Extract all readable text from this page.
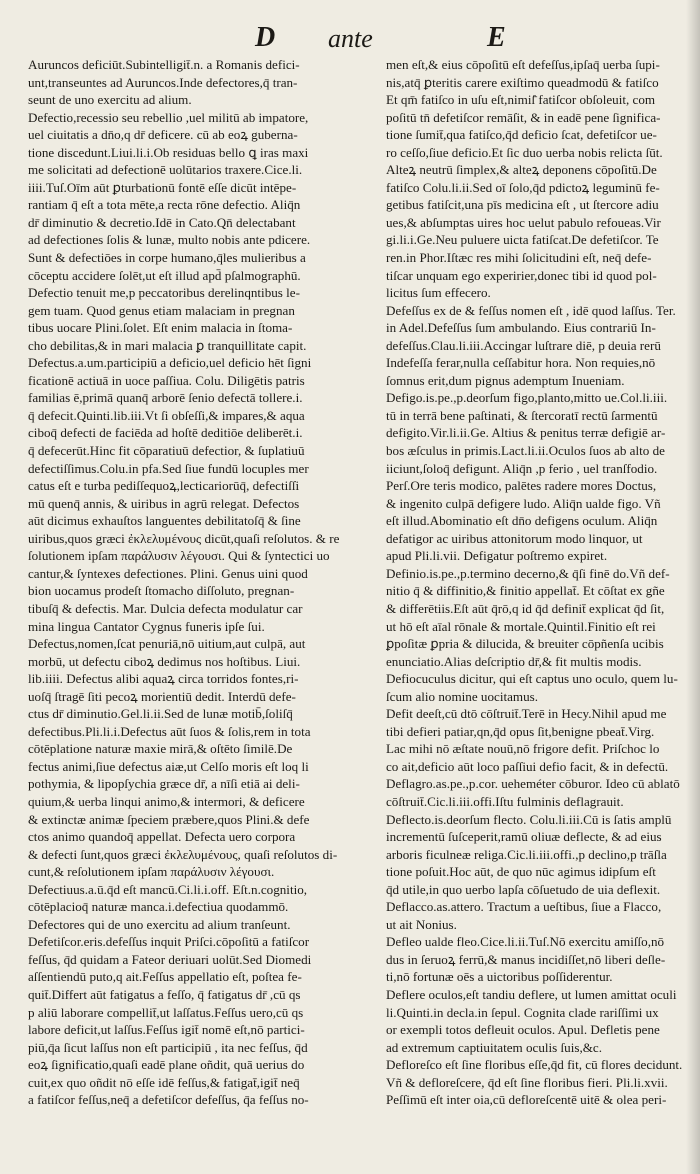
D ante	E
Auruncos deficiūt.Subintelligit̄.n. a Romanis defici-
unt,transeuntes ad Auruncos.Inde defectores,q̄ tran-
seunt de uno exercitu ad alium.
Defectio,recessio seu rebellio ,uel militū ab impatore,
uel ciuitatis a dn̄o,q dr̄ deficere. cū ab eoꝝ guberna-
tione discedunt.Liui.li.i.Ob residuas bello ꝗ iras maxi
me solicitati ad defectionē uolūtarios traxere.Cice.li.
iiii.Tuſ.Oīm aūt ꝑturbationū fontē eſſe dicūt intēpe-
rantiam q̄ eſt a tota mēte,a recta rōne defectio. Aliq̄n
dr̄ diminutio & decretio.Idē in Cato.Qn̄ delectabant
ad defectiones ſolis & lunæ, multo nobis ante pdicere.
Sunt & defectiōes in corpe humano,q̄les mulieribus a
cōceptu accidere ſolēt,ut eſt illud apd̄ pſalmographū.
Defectio tenuit me,p peccatoribus derelinqntibus le-
gem tuam. Quod genus etiam malaciam in pregnan
tibus uocare Plini.ſolet. Eſt enim malacia in ſtoma-
cho debilitas,& in mari malacia ꝑ tranquillitate capit.
Defectus.a.um.participiū a deficio,uel deficio hēt ſigni
ficationē actiuā in uoce paſſiua. Colu. Diligētis patris
familias ē,primā quanq̄ arborē ſenio defectā tollere.i.
q̄ defecit.Quinti.lib.iii.Vt ſi obſeſſi,& impares,& aqua
ciboq̄ defecti de faciēda ad hoſtē deditiōe deliberēt.i.
q̄ defecerūt.Hinc fit cōparatiuū defectior, & ſuplatiuū
defectiſſimus.Colu.in pfa.Sed ſiue fundū locuples mer
catus eſt e turba pediſſequoꝝ,lecticariorūq̄, defectiſſi
mū quenq̄ annis, & uiribus in agrū relegat. Defectos
aūt dicimus exhauſtos languentes debilitatoſq̄ & ſine
uiribus,quos græci ἐκλελυμένους dicūt,quaſi reſolutos. & re
ſolutionem ipſam παράλυσιν λέγουσι. Qui & ſyntectici uo
cantur,& ſyntexes defectiones. Plini. Genus uini quod
bion uocamus prodeſt ſtomacho diſſoluto, pregnan-
tibuſq̄ & defectis. Mar. Dulcia defecta modulatur car
mina lingua Cantator Cygnus funeris ipſe ſui.
Defectus,nomen,ſcat penuriā,nō uitium,aut culpā, aut
morbū, ut defectu ciboꝝ dedimus nos hoſtibus. Liui.
lib.iiii. Defectus alibi aquaꝝ circa torridos fontes,ri-
uoſq̄ ſtragē ſiti pecoꝝ morientiū dedit. Interdū defe-
ctus dr̄ diminutio.Gel.li.ii.Sed de lunæ motib̄,ſoliſq̄
defectibus.Pli.li.i.Defectus aūt ſuos & ſolis,rem in tota
cōtēplatione naturæ maxie mirā,& oſtēto ſimilē.De
fectus animi,ſiue defectus aiæ,ut Celſo moris eſt loq li
pothymia, & lipopſychia græce dr̄, a nīſi etiā ai deli-
quium,& uerba linqui animo,& intermori, & deficere
& extinctæ animæ ſpeciem præbere,quos Plini.& defe
ctos animo quandoq̄ appellat. Defecta uero corpora
& defecti ſunt,quos græci ἐκλελυμένους, quaſi reſolutos di-
cunt,& reſolutionem ipſam παράλυσιν λέγουσι.
Defectiuus.a.ū.q̄d eſt mancū.Ci.li.i.off. Eſt.n.cognitio,
cōtēplacioq̄ naturæ manca.i.defectiua quodammō.
Defectores qui de uno exercitu ad alium tranſeunt.
Defetiſcor.eris.defeſſus inquit Priſci.cōpoſitū a fatiſcor
feſſus, q̄d quidam a Fateor deriuari uolūt.Sed Diomedi
aſſentiendū puto,q ait.Feſſus appellatio eſt, poſtea fe-
quit̄.Differt aūt fatigatus a feſſo, q̄ fatigatus dr̄ ,cū qs
p aliū laborare compellit̄,ut laſſatus.Feſſus uero,cū qs
labore deficit,ut laſſus.Feſſus igit̄ nomē eſt,nō partici-
piū,q̄a ſicut laſſus non eſt participiū , ita nec feſſus, q̄d
eoꝝ ſignificatio,quaſi eadē plane oñdit, quā uerius do
cuit,ex quo oñdit nō eſſe idē feſſus,& fatigat̄,igit̄ neq̄
a fatiſcor feſſus,neq̄ a defetiſcor defeſſus, q̄a feſſus no-
men eſt,& eius cōpoſitū eſt defeſſus,ipſaq̄ uerba ſupi-
nis,atq̄ ꝑteritis carere exiſtimo queadmodū & fatiſco
Et qm̄ fatiſco in uſu eſt,nimiſ̄ fatiſcor obſoleuit, com
poſitū tn̄ defetiſcor remāſit, & in eadē pene ſignifica-
tione ſumit̄,qua fatiſco,q̄d deficio ſcat, defetiſcor ue-
ro ceſſo,ſiue deficio.Et ſic duo uerba nobis relicta ſūt.
Alteꝝ neutrū ſimplex,& alteꝝ deponens cōpoſitū.De
fatiſco Colu.li.ii.Sed oī ſolo,q̄d pdictoꝝ leguminū fe-
getibus fatiſcit,una pīs medicina eſt , ut ſtercore adiu
ues,& abſumptas uires hoc uelut pabulo refoueas.Vir
gi.li.i.Ge.Neu puluere uicta fatiſcat.De defetiſcor. Te
ren.in Phor.Iſtæc res mihi ſolicitudini eſt, neq̄ defe-
tiſcar unquam ego experirier,donec tibi id quod pol-
licitus ſum effecero.
Defeſſus ex de & feſſus nomen eſt , idē quod laſſus. Ter.
in Adel.Defeſſus ſum ambulando. Eius contrariū In-
defeſſus.Clau.li.iii.Accingar luſtrare diē, p deuia rerū
Indefeſſa ferar,nulla ceſſabitur hora. Non requies,nō
ſomnus erit,dum pignus ademptum Inueniam.
Defigo.is.pe.,p.deorſum figo,planto,mitto ue.Col.li.iii.
tū in terrā bene paſtinati, & ſtercoratī rectū ſarmentū
defigito.Vir.li.ii.Ge. Altius & penitus terræ defigiē ar-
bos æſculus in primis.Lact.li.ii.Oculos ſuos ab alto de
iiciunt,ſoloq̄ defigunt. Aliq̄n ,p ferio , uel tranſfodio.
Perſ.Ore teris modico, palētes radere mores Doctus,
& ingenito culpā defigere ludo. Aliq̄n ualde figo. Vñ
eſt illud.Abominatio eſt dn̄o defigens oculum. Aliq̄n
defatigor ac uiribus attonitorum modo linquor, ut
apud Pli.li.vii. Defigatur poſtremo expiret.
Definio.is.pe.,p.termino decerno,& q̄ſi finē do.Vñ def-
nitio q̄ & diffinitio,& finitio appellat̄. Et cōſtat ex gñe
& differētiis.Eſt aūt q̄rō,q id q̄d definit̄ explicat q̄d ſit,
ut hō eſt aīal rōnale & mortale.Quintil.Finitio eſt rei
ꝑpoſitæ ꝑpria & dilucida, & breuiter cōpñenſa ucibis
enunciatio.Alias deſcriptio dr̄,& fit multis modis.
Defiocuculus dicitur, qui eſt captus uno oculo, quem lu-
ſcum alio nomine uocitamus.
Defit deeſt,cū dtō cōſtruit̄.Terē in Hecy.Nihil apud me
tibi defieri patiar,qn,q̄d opus ſit,benigne pbeat̄.Virg.
Lac mihi nō æſtate nouū,nō frigore defit. Priſchoc lo
co ait,deficio aūt loco paſſiui defio facit, & in defectū.
Deflagro.as.pe.,p.cor. ueheméter cōburor. Ideo cū ablatō
cōſtruit̄.Cic.li.iii.offi.Iſtu fulminis deflagrauit.
Deflecto.is.deorſum flecto. Colu.li.iii.Cū is ſatis amplū
incrementū ſuſceperit,ramū oliuæ deflecte, & ad eius
arboris ficulneæ religa.Cic.li.iii.offi.,p declino,p trāſla
tione poſuit.Hoc aūt, de quo nūc agimus idipſum eſt
q̄d utile,in quo uerbo lapſa cōſuetudo de uia deflexit.
Deflacco.as.attero. Tractum a ueſtibus, ſiue a Flacco,
ut ait Nonius.
Defleo ualde fleo.Cice.li.ii.Tuſ.Nō exercitu amiſſo,nō
dus in ſeruoꝝ ferrū,& manus incidiſſet,nō liberi deſle-
ti,nō fortunæ oēs a uictoribus poſſiderentur.
Deflere oculos,eſt tandiu deflere, ut lumen amittat oculi
li.Quinti.in decla.in ſepul. Cognita clade rariſſimi ux
or exempli totos defleuit oculos. Apul. Defletis pene
ad extremum captiuitatem oculis ſuis,&c.
Defloreſco eſt ſine floribus eſſe,q̄d fit, cū flores decidunt.
Vñ & defloreſcere, q̄d eſt ſine floribus fieri. Pli.li.xvii.
Peſſimū eſt inter oia,cū defloreſcentē uitē & olea peri-
